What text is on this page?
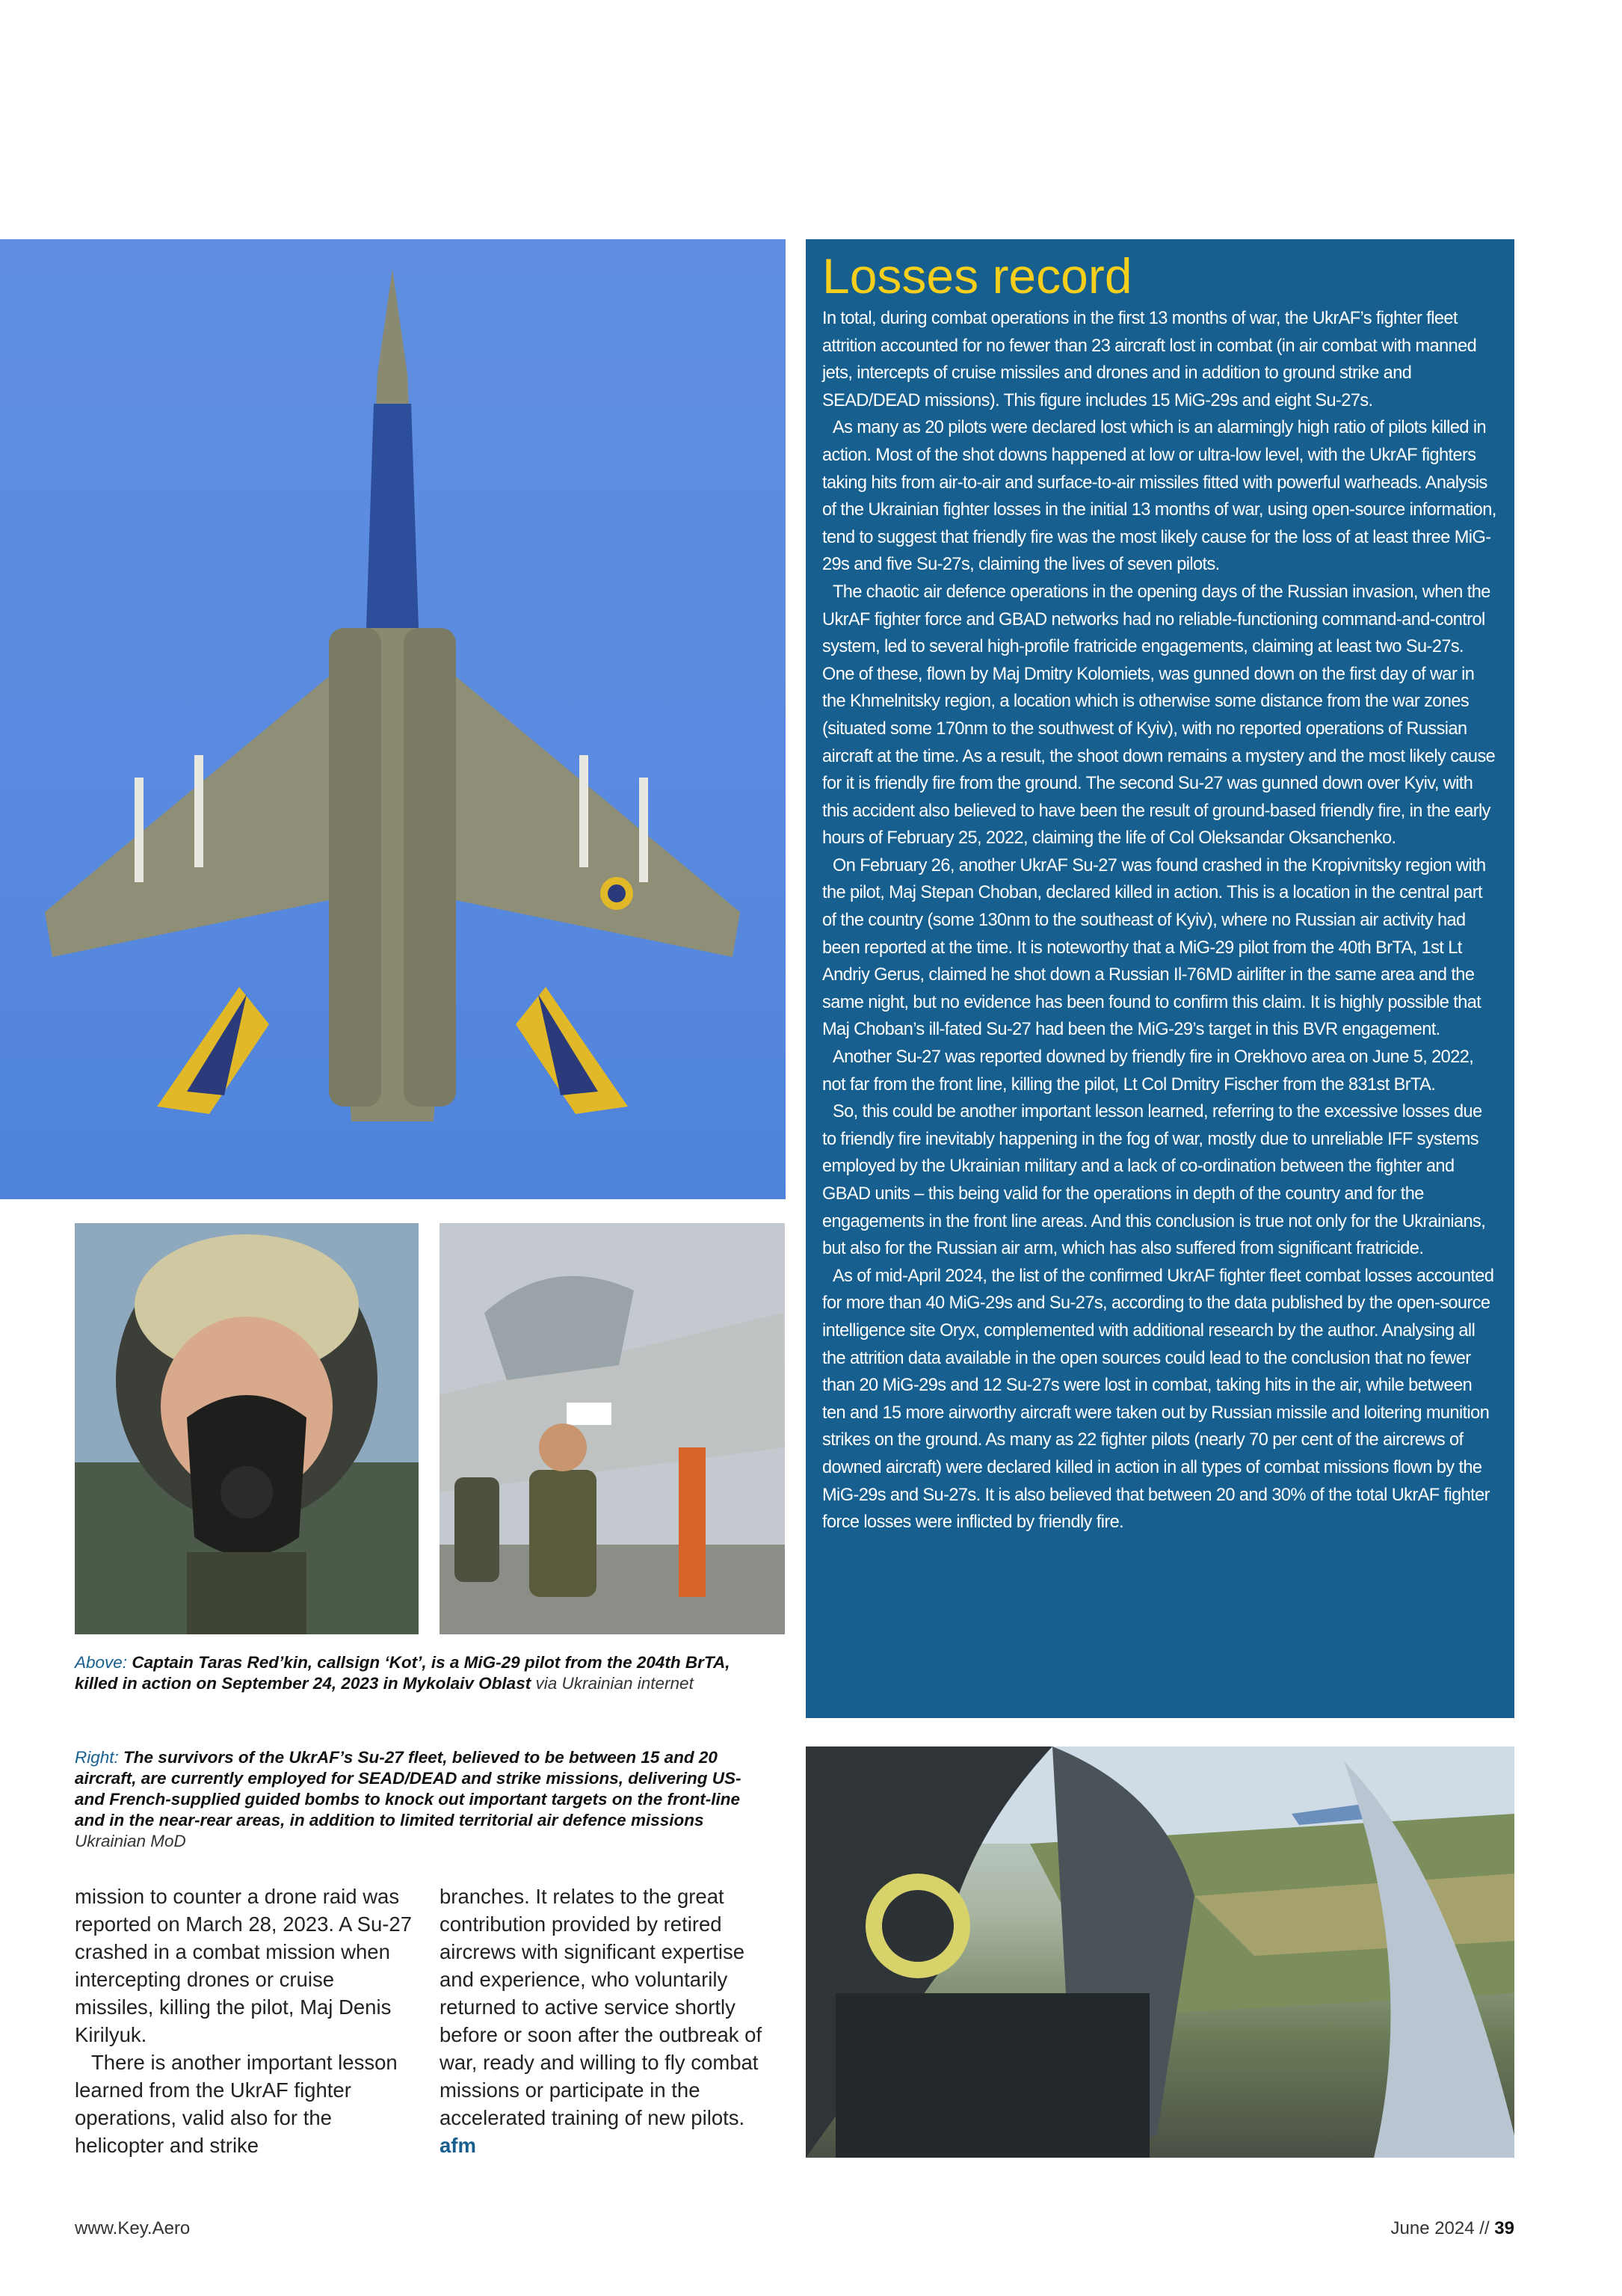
Losses record

In total, during combat operations in the first 13 months of war, the UkrAF’s fighter fleet attrition accounted for no fewer than 23 aircraft lost in combat (in air combat with manned jets, intercepts of cruise missiles and drones and in addition to ground strike and SEAD/DEAD missions). This figure includes 15 MiG-29s and eight Su-27s.

As many as 20 pilots were declared lost which is an alarmingly high ratio of pilots killed in action. Most of the shot downs happened at low or ultra-low level, with the UkrAF fighters taking hits from air-to-air and surface-to-air missiles fitted with powerful warheads. Analysis of the Ukrainian fighter losses in the initial 13 months of war, using open-source information, tend to suggest that friendly fire was the most likely cause for the loss of at least three MiG-29s and five Su-27s, claiming the lives of seven pilots.

The chaotic air defence operations in the opening days of the Russian invasion, when the UkrAF fighter force and GBAD networks had no reliable-functioning command-and-control system, led to several high-profile fratricide engagements, claiming at least two Su-27s. One of these, flown by Maj Dmitry Kolomiets, was gunned down on the first day of war in the Khmelnitsky region, a location which is otherwise some distance from the war zones (situated some 170nm to the southwest of Kyiv), with no reported operations of Russian aircraft at the time. As a result, the shoot down remains a mystery and the most likely cause for it is friendly fire from the ground. The second Su-27 was gunned down over Kyiv, with this accident also believed to have been the result of ground-based friendly fire, in the early hours of February 25, 2022, claiming the life of Col Oleksandar Oksanchenko.

On February 26, another UkrAF Su-27 was found crashed in the Kropivnitsky region with the pilot, Maj Stepan Choban, declared killed in action. This is a location in the central part of the country (some 130nm to the southeast of Kyiv), where no Russian air activity had been reported at the time. It is noteworthy that a MiG-29 pilot from the 40th BrTA, 1st Lt Andriy Gerus, claimed he shot down a Russian Il-76MD airlifter in the same area and the same night, but no evidence has been found to confirm this claim. It is highly possible that Maj Choban’s ill-fated Su-27 had been the MiG-29’s target in this BVR engagement.

Another Su-27 was reported downed by friendly fire in Orekhovo area on June 5, 2022, not far from the front line, killing the pilot, Lt Col Dmitry Fischer from the 831st BrTA.

So, this could be another important lesson learned, referring to the excessive losses due to friendly fire inevitably happening in the fog of war, mostly due to unreliable IFF systems employed by the Ukrainian military and a lack of co-ordination between the fighter and GBAD units – this being valid for the operations in depth of the country and for the engagements in the front line areas. And this conclusion is true not only for the Ukrainians, but also for the Russian air arm, which has also suffered from significant fratricide.

As of mid-April 2024, the list of the confirmed UkrAF fighter fleet combat losses accounted for more than 40 MiG-29s and Su-27s, according to the data published by the open-source intelligence site Oryx, complemented with additional research by the author. Analysing all the attrition data available in the open sources could lead to the conclusion that no fewer than 20 MiG-29s and 12 Su-27s were lost in combat, taking hits in the air, while between ten and 15 more airworthy aircraft were taken out by Russian missile and loitering munition strikes on the ground. As many as 22 fighter pilots (nearly 70 per cent of the aircrews of downed aircraft) were declared killed in action in all types of combat missions flown by the MiG-29s and Su-27s. It is also believed that between 20 and 30% of the total UkrAF fighter force losses were inflicted by friendly fire.

Above: Captain Taras Red’kin, callsign ‘Kot’, is a MiG-29 pilot from the 204th BrTA, killed in action on September 24, 2023 in Mykolaiv Oblast via Ukrainian internet

Right: The survivors of the UkrAF’s Su-27 fleet, believed to be between 15 and 20 aircraft, are currently employed for SEAD/DEAD and strike missions, delivering US- and French-supplied guided bombs to knock out important targets on the front-line and in the near-rear areas, in addition to limited territorial air defence missions Ukrainian MoD

mission to counter a drone raid was reported on March 28, 2023. A Su-27 crashed in a combat mission when intercepting drones or cruise missiles, killing the pilot, Maj Denis Kirilyuk.

There is another important lesson learned from the UkrAF fighter operations, valid also for the helicopter and strike

branches. It relates to the great contribution provided by retired aircrews with significant expertise and experience, who voluntarily returned to active service shortly before or soon after the outbreak of war, ready and willing to fly combat missions or participate in the accelerated training of new pilots. afm

www.Key.Aero	June 2024 // 39
